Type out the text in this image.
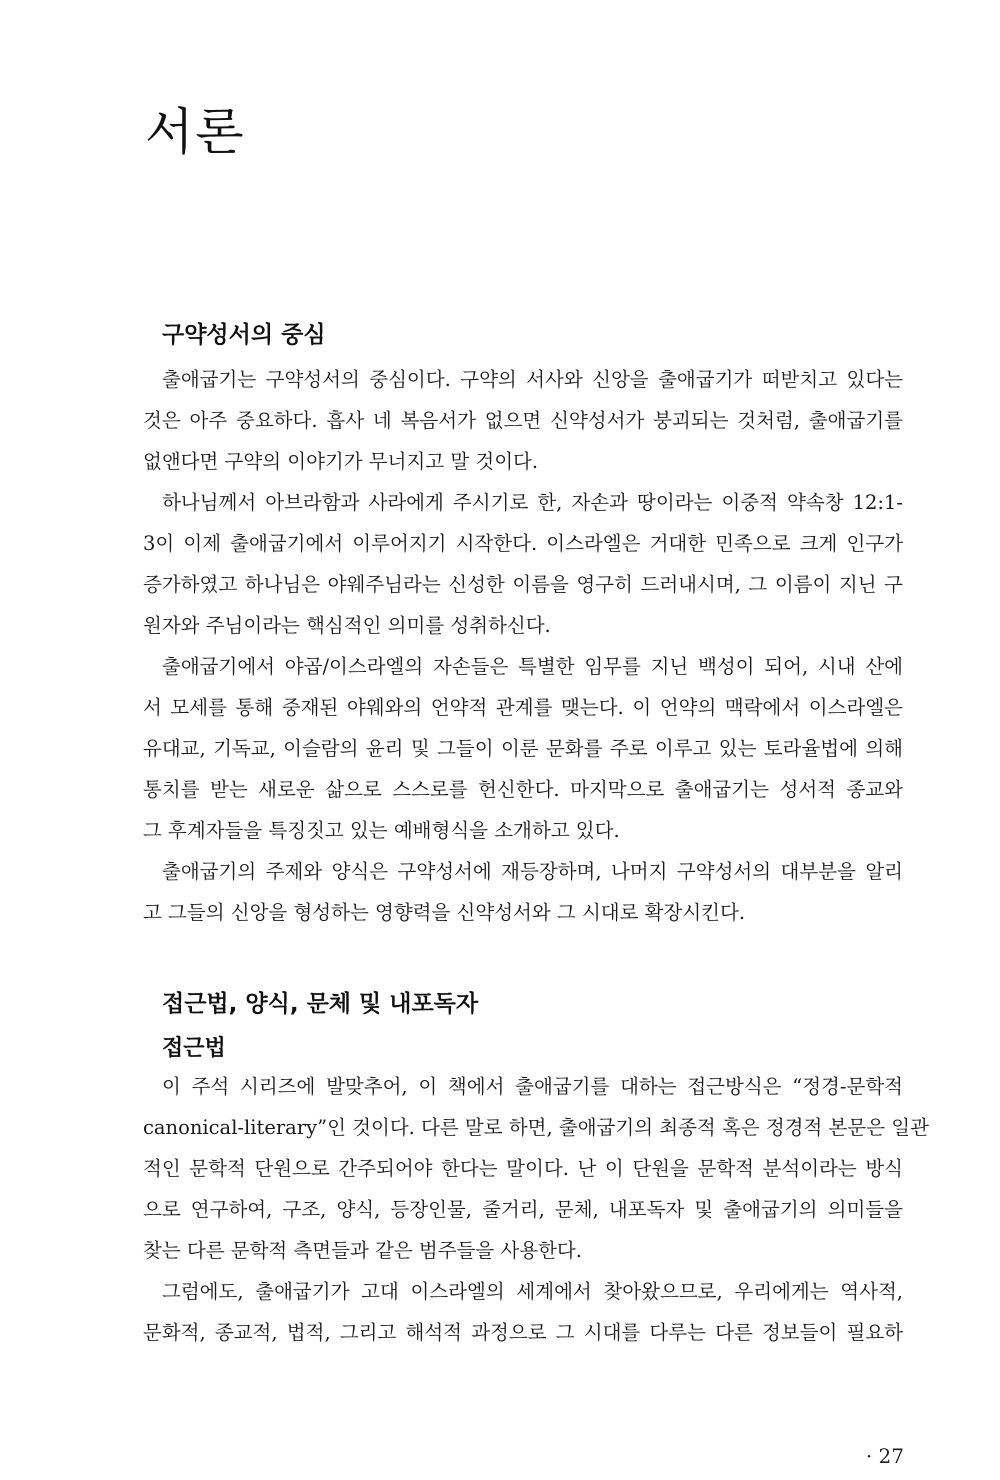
서론
구약성서의 중심
출애굽기는 구약성서의 중심이다. 구약의 서사와 신앙을 출애굽기가 떠받치고 있다는
것은 아주 중요하다. 흡사 네 복음서가 없으면 신약성서가 붕괴되는 것처럼, 출애굽기를
없앤다면 구약의 이야기가 무너지고 말 것이다.
하나님께서 아브라함과 사라에게 주시기로 한, 자손과 땅이라는 이중적 약속창 12:1-
3이 이제 출애굽기에서 이루어지기 시작한다. 이스라엘은 거대한 민족으로 크게 인구가
증가하였고 하나님은 야웨주님라는 신성한 이름을 영구히 드러내시며, 그 이름이 지닌 구
원자와 주님이라는 핵심적인 의미를 성취하신다.
출애굽기에서 야곱/이스라엘의 자손들은 특별한 임무를 지닌 백성이 되어, 시내 산에
서 모세를 통해 중재된 야웨와의 언약적 관계를 맺는다. 이 언약의 맥락에서 이스라엘은
유대교, 기독교, 이슬람의 윤리 및 그들이 이룬 문화를 주로 이루고 있는 토라율법에 의해
통치를 받는 새로운 삶으로 스스로를 헌신한다. 마지막으로 출애굽기는 성서적 종교와
그 후계자들을 특징짓고 있는 예배형식을 소개하고 있다.
출애굽기의 주제와 양식은 구약성서에 재등장하며, 나머지 구약성서의 대부분을 알리
고 그들의 신앙을 형성하는 영향력을 신약성서와 그 시대로 확장시킨다.
접근법, 양식, 문체 및 내포독자
접근법
이 주석 시리즈에 발맞추어, 이 책에서 출애굽기를 대하는 접근방식은 “정경-문학적
canonical-literary”인 것이다. 다른 말로 하면, 출애굽기의 최종적 혹은 정경적 본문은 일관
적인 문학적 단원으로 간주되어야 한다는 말이다. 난 이 단원을 문학적 분석이라는 방식
으로 연구하여, 구조, 양식, 등장인물, 줄거리, 문체, 내포독자 및 출애굽기의 의미들을
찾는 다른 문학적 측면들과 같은 범주들을 사용한다.
그럼에도, 출애굽기가 고대 이스라엘의 세계에서 찾아왔으므로, 우리에게는 역사적,
문화적, 종교적, 법적, 그리고 해석적 과정으로 그 시대를 다루는 다른 정보들이 필요하
· 27
